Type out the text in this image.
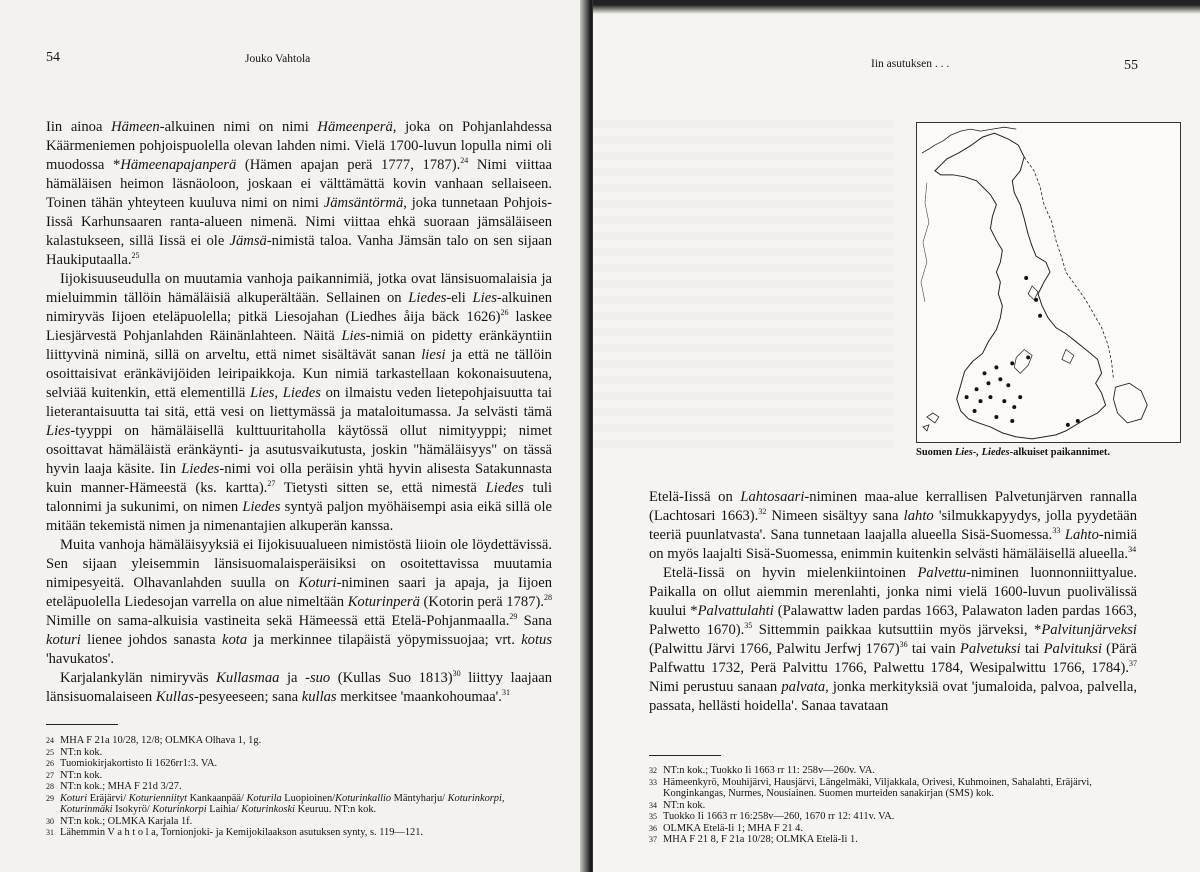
54	Jouko Vahtola

Iin ainoa Hämeen-alkuinen nimi on nimi Hämeenperä, joka on Pohjanlahdessa Käärmeniemen pohjoispuolella olevan lahden nimi. Vielä 1700-luvun lopulla nimi oli muodossa *Hämeenapajanperä (Hämen apajan perä 1777, 1787).$^{24}$ Nimi viittaa hämäläisen heimon läsnäoloon, joskaan ei välttämättä kovin vanhaan sellaiseen. Toinen tähän yhteyteen kuuluva nimi on nimi Jämsäntörmä, joka tunnetaan Pohjois-Iissä Karhunsaaren ranta-alueen nimenä. Nimi viittaa ehkä suoraan jämsäläiseen kalastukseen, sillä Iissä ei ole Jämsä-nimistä taloa. Vanha Jämsän talo on sen sijaan Haukiputaalla.$^{25}$

Iijokisuuseudulla on muutamia vanhoja paikannimiä, jotka ovat länsisuomalaisia ja mieluimmin tällöin hämäläisiä alkuperältään. Sellainen on Liedes-eli Lies-alkuinen nimiryväs Iijoen eteläpuolella; pitkä Liesojahan (Liedhes åija bäck 1626)$^{26}$ laskee Liesjärvestä Pohjanlahden Räinänlahteen. Näitä Lies-nimiä on pidetty eränkäyntiin liittyvinä niminä, sillä on arveltu, että nimet sisältävät sanan liesi ja että ne tällöin osoittaisivat eränkävijöiden leiripaikkoja. Kun nimiä tarkastellaan kokonaisuutena, selviää kuitenkin, että elementillä Lies, Liedes on ilmaistu veden lietepohjaisuutta tai lieterantaisuutta tai sitä, että vesi on liettymässä ja mataloitumassa. Ja selvästi tämä Lies-tyyppi on hämäläisellä kulttuuritaholla käytössä ollut nimityyppi; nimet osoittavat hämäläistä eränkäynti- ja asutusvaikutusta, joskin "hämäläisyys" on tässä hyvin laaja käsite. Iin Liedes-nimi voi olla peräisin yhtä hyvin alisesta Satakunnasta kuin manner-Hämeestä (ks. kartta).$^{27}$ Tietysti sitten se, että nimestä Liedes tuli talonnimi ja sukunimi, on nimen Liedes syntyä paljon myöhäisempi asia eikä sillä ole mitään tekemistä nimen ja nimenantajien alkuperän kanssa.

Muita vanhoja hämäläisyyksiä ei Iijokisuualueen nimistöstä liioin ole löydettävissä. Sen sijaan yleisemmin länsisuomalaisperäisiksi on osoitettavissa muutamia nimipesyeitä. Olhavanlahden suulla on Koturi-niminen saari ja apaja, ja Iijoen eteläpuolella Liedesojan varrella on alue nimeltään Koturinperä (Kotorin perä 1787).$^{28}$ Nimille on sama-alkuisia vastineita sekä Hämeessä että Etelä-Pohjanmaalla.$^{29}$ Sana koturi lienee johdos sanasta kota ja merkinnee tilapäistä yöpymissuojaa; vrt. kotus 'havukatos'.

Karjalankylän nimiryväs Kullasmaa ja -suo (Kullas Suo 1813)$^{30}$ liittyy laajaan länsisuomalaiseen Kullas-pesyeeseen; sana kullas merkitsee 'maankohoumaa'.$^{31}$

24 MHA F 21a 10/28, 12/8; OLMKA Olhava 1, 1g.
25 NT:n kok.
26 Tuomiokirjakortisto Ii 1626rr1:3. VA.
27 NT:n kok.
28 NT:n kok.; MHA F 21d 3/27.
29 Koturi Eräjärvi/ Koturienniityt Kankaanpää/ Koturila Luopioinen/Koturinkallio Mäntyharju/ Koturinkorpi, Koturinmäki Isokyrö/ Koturinkorpi Laihia/ Koturinkoski Keuruu. NT:n kok.
30 NT:n kok.; OLMKA Karjala 1f.
31 Lähemmin V a h t o l a, Tornionjoki- ja Kemijokilaakson asutuksen synty, s. 119—121.
Iin asutuksen . . .	55
Suomen Lies-, Liedes-alkuiset paikannimet.

Etelä-Iissä on Lahtosaari-niminen maa-alue kerrallisen Palvetunjärven rannalla (Lachtosari 1663).$^{32}$ Nimeen sisältyy sana lahto 'silmukkapyydys, jolla pyydetään teeriä puunlatvasta'. Sana tunnetaan laajalla alueella Sisä-Suomessa.$^{33}$ Lahto-nimiä on myös laajalti Sisä-Suomessa, enimmin kuitenkin selvästi hämäläisellä alueella.$^{34}$

Etelä-Iissä on hyvin mielenkiintoinen Palvettu-niminen luonnonniittyalue. Paikalla on ollut aiemmin merenlahti, jonka nimi vielä 1600-luvun puolivälissä kuului *Palvattulahti (Palawattw laden pardas 1663, Palawaton laden pardas 1663, Palwetto 1670).$^{35}$ Sittemmin paikkaa kutsuttiin myös järveksi, *Palvitunjärveksi (Palwittu Järvi 1766, Palwitu Jerfwj 1767)$^{36}$ tai vain Palvetuksi tai Palvituksi (Pärä Palfwattu 1732, Perä Palvittu 1766, Palwettu 1784, Wesipalwittu 1766, 1784).$^{37}$ Nimi perustuu sanaan palvata, jonka merkityksiä ovat 'jumaloida, palvoa, palvella, passata, hellästi hoidella'. Sanaa tavataan

32 NT:n kok.; Tuokko Ii 1663 rr 11: 258v—260v. VA.
33 Hämeenkyrö, Mouhijärvi, Hausjärvi, Längelmäki, Viljakkala, Orivesi, Kuhmoinen, Sahalahti, Eräjärvi, Konginkangas, Nurmes, Nousiainen. Suomen murteiden sanakirjan (SMS) kok.
34 NT:n kok.
35 Tuokko Ii 1663 rr 16:258v—260, 1670 rr 12: 411v. VA.
36 OLMKA Etelä-Ii 1; MHA F 21 4.
37 MHA F 21 8, F 21a 10/28; OLMKA Etelä-Ii 1.
